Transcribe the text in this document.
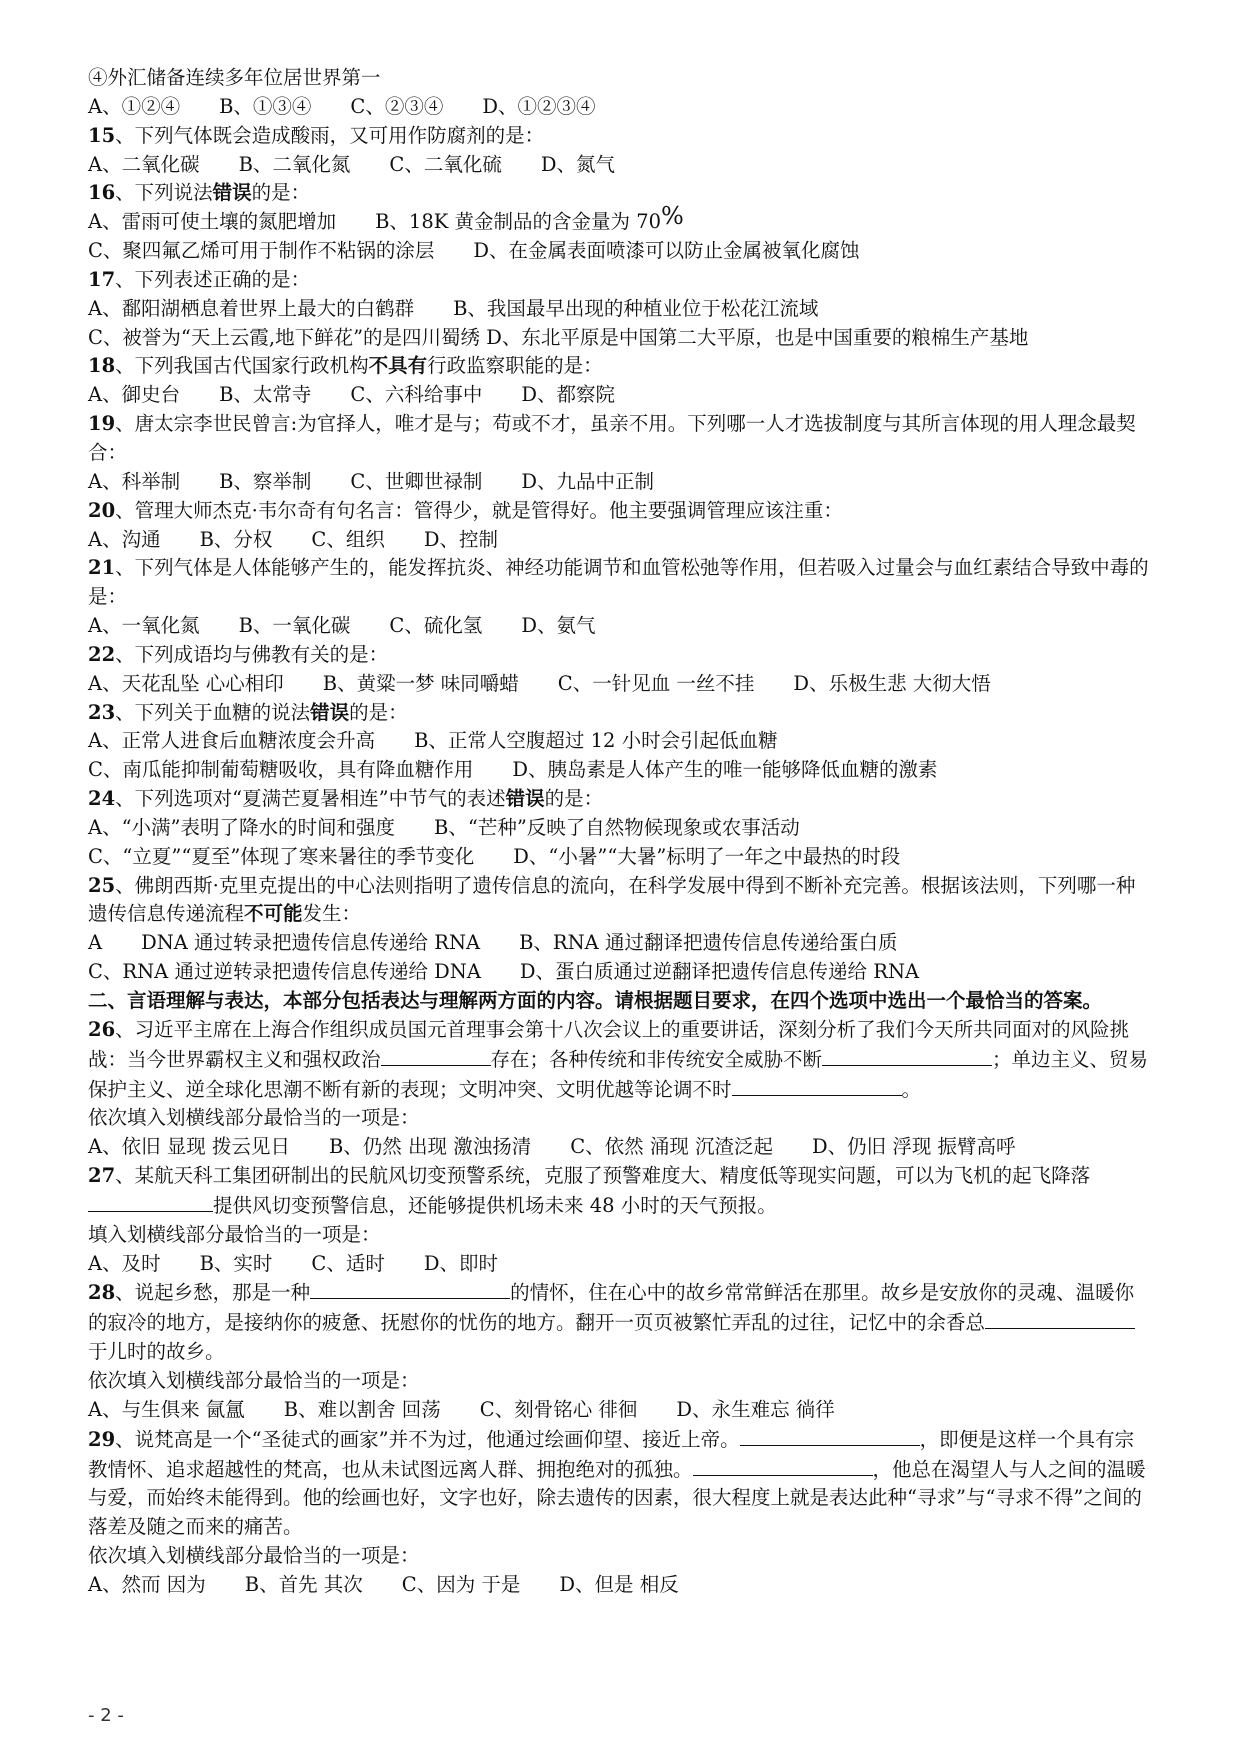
④外汇储备连续多年位居世界第一
A、①②④　　B、①③④　　C、②③④　　D、①②③④
15、下列气体既会造成酸雨，又可用作防腐剂的是：
A、二氧化碳　　B、二氧化氮　　C、二氧化硫　　D、氮气
16、下列说法错误的是：
A、雷雨可使土壤的氮肥增加　　B、18K 黄金制品的含金量为 70%
C、聚四氟乙烯可用于制作不粘锅的涂层　　D、在金属表面喷漆可以防止金属被氧化腐蚀
17、下列表述正确的是：
A、鄱阳湖栖息着世界上最大的白鹤群　　B、我国最早出现的种植业位于松花江流域
C、被誉为“天上云霞,地下鲜花”的是四川蜀绣 D、东北平原是中国第二大平原，也是中国重要的粮棉生产基地
18、下列我国古代国家行政机构不具有行政监察职能的是：
A、御史台　　B、太常寺　　C、六科给事中　　D、都察院
19、唐太宗李世民曾言:为官择人，唯才是与；苟或不才，虽亲不用。下列哪一人才选拔制度与其所言体现的用人理念最契合：
A、科举制　　B、察举制　　C、世卿世禄制　　D、九品中正制
20、管理大师杰克·韦尔奇有句名言：管得少，就是管得好。他主要强调管理应该注重：
A、沟通　　B、分权　　C、组织　　D、控制
21、下列气体是人体能够产生的，能发挥抗炎、神经功能调节和血管松弛等作用，但若吸入过量会与血红素结合导致中毒的是：
A、一氧化氮　　B、一氧化碳　　C、硫化氢　　D、氨气
22、下列成语均与佛教有关的是：
A、天花乱坠 心心相印　　B、黄粱一梦 味同嚼蜡　　C、一针见血 一丝不挂　　D、乐极生悲 大彻大悟
23、下列关于血糖的说法错误的是：
A、正常人进食后血糖浓度会升高　　B、正常人空腹超过 12 小时会引起低血糖
C、南瓜能抑制葡萄糖吸收，具有降血糖作用　　D、胰岛素是人体产生的唯一能够降低血糖的激素
24、下列选项对“夏满芒夏暑相连”中节气的表述错误的是：
A、“小满”表明了降水的时间和强度　　B、“芒种”反映了自然物候现象或农事活动
C、“立夏”“夏至”体现了寒来暑往的季节变化　　D、“小暑”“大暑”标明了一年之中最热的时段
25、佛朗西斯·克里克提出的中心法则指明了遗传信息的流向，在科学发展中得到不断补充完善。根据该法则，下列哪一种遗传信息传递流程不可能发生：
A　　DNA 通过转录把遗传信息传递给 RNA　　B、RNA 通过翻译把遗传信息传递给蛋白质
C、RNA 通过逆转录把遗传信息传递给 DNA　　D、蛋白质通过逆翻译把遗传信息传递给 RNA
二、言语理解与表达，本部分包括表达与理解两方面的内容。请根据题目要求，在四个选项中选出一个最恰当的答案。
26、习近平主席在上海合作组织成员国元首理事会第十八次会议上的重要讲话，深刻分析了我们今天所共同面对的风险挑战：当今世界霸权主义和强权政治	存在；各种传统和非传统安全威胁不断	；单边主义、贸易保护主义、逆全球化思潮不断有新的表现；文明冲突、文明优越等论调不时	。
依次填入划横线部分最恰当的一项是：
A、依旧 显现 拨云见日　　B、仍然 出现 激浊扬清　　C、依然 涌现 沉渣泛起　　D、仍旧 浮现 振臂高呼
27、某航天科工集团研制出的民航风切变预警系统，克服了预警难度大、精度低等现实问题，可以为飞机的起飞降落提供风切变预警信息，还能够提供机场未来 48 小时的天气预报。
填入划横线部分最恰当的一项是：
A、及时　　B、实时　　C、适时　　D、即时
28、说起乡愁，那是一种	的情怀，住在心中的故乡常常鲜活在那里。故乡是安放你的灵魂、温暖你的寂冷的地方，是接纳你的疲惫、抚慰你的忧伤的地方。翻开一页页被繁忙弄乱的过往，记忆中的余香总于儿时的故乡。
依次填入划横线部分最恰当的一项是：
A、与生俱来 氤氲　　B、难以割舍 回荡　　C、刻骨铭心 徘徊　　D、永生难忘 徜徉
29、说梵高是一个“圣徒式的画家”并不为过，他通过绘画仰望、接近上帝。	，即便是这样一个具有宗教情怀、追求超越性的梵高，也从未试图远离人群、拥抱绝对的孤独。	，他总在渴望人与人之间的温暖与爱，而始终未能得到。他的绘画也好，文字也好，除去遗传的因素，很大程度上就是表达此种“寻求”与“寻求不得”之间的落差及随之而来的痛苦。
依次填入划横线部分最恰当的一项是：
A、然而 因为　　B、首先 其次　　C、因为 于是　　D、但是 相反
- 2 -
